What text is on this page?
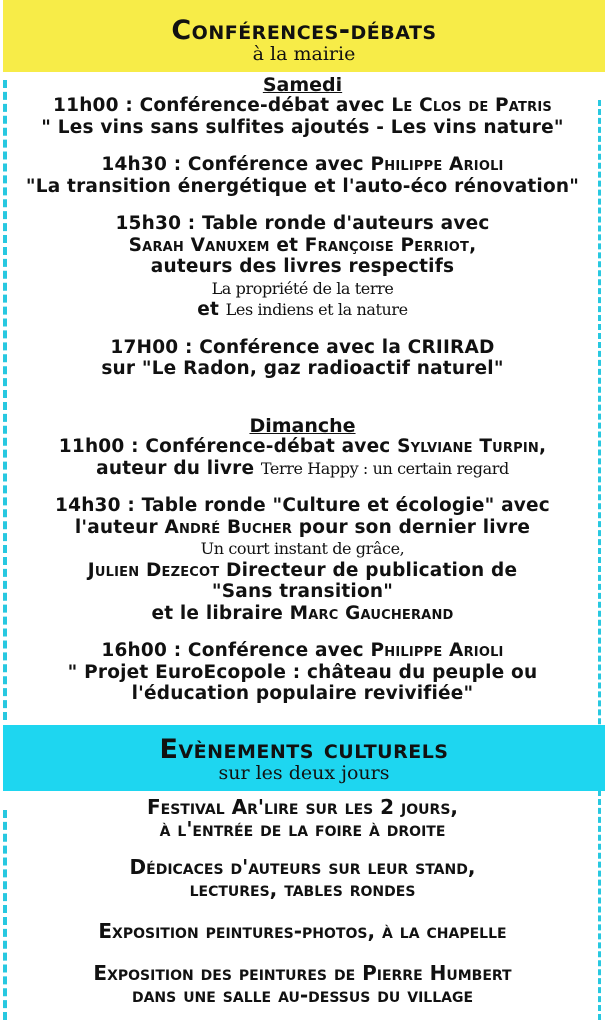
Conférences-débats
à la mairie
Samedi
11h00 : Conférence-débat avec Le Clos de Patris
" Les vins sans sulfites ajoutés - Les vins nature"
14h30 : Conférence avec Philippe Arioli
"La transition énergétique et l'auto-éco rénovation"
15h30 : Table ronde d'auteurs avec
Sarah Vanuxem et Françoise Perriot,
auteurs des livres respectifs
La propriété de la terre
et Les indiens et la nature
17H00 : Conférence avec la CRIIRAD
sur "Le Radon, gaz radioactif naturel"
Dimanche
11h00 : Conférence-débat avec Sylviane Turpin,
auteur du livre Terre Happy : un certain regard
14h30 : Table ronde "Culture et écologie" avec
l'auteur André Bucher pour son dernier livre
Un court instant de grâce,
Julien Dezecot Directeur de publication de
"Sans transition"
et le libraire Marc Gaucherand
16h00 : Conférence avec Philippe Arioli
" Projet EuroEcopole : château du peuple ou
l'éducation populaire revivifiée"
Evènements culturels
sur les deux jours
Festival Ar'lire sur les 2 jours,
à l'entrée de la foire à droite
Dédicaces d'auteurs sur leur stand,
lectures, tables rondes
Exposition peintures-photos, à la chapelle
Exposition des peintures de Pierre Humbert
dans une salle au-dessus du village
